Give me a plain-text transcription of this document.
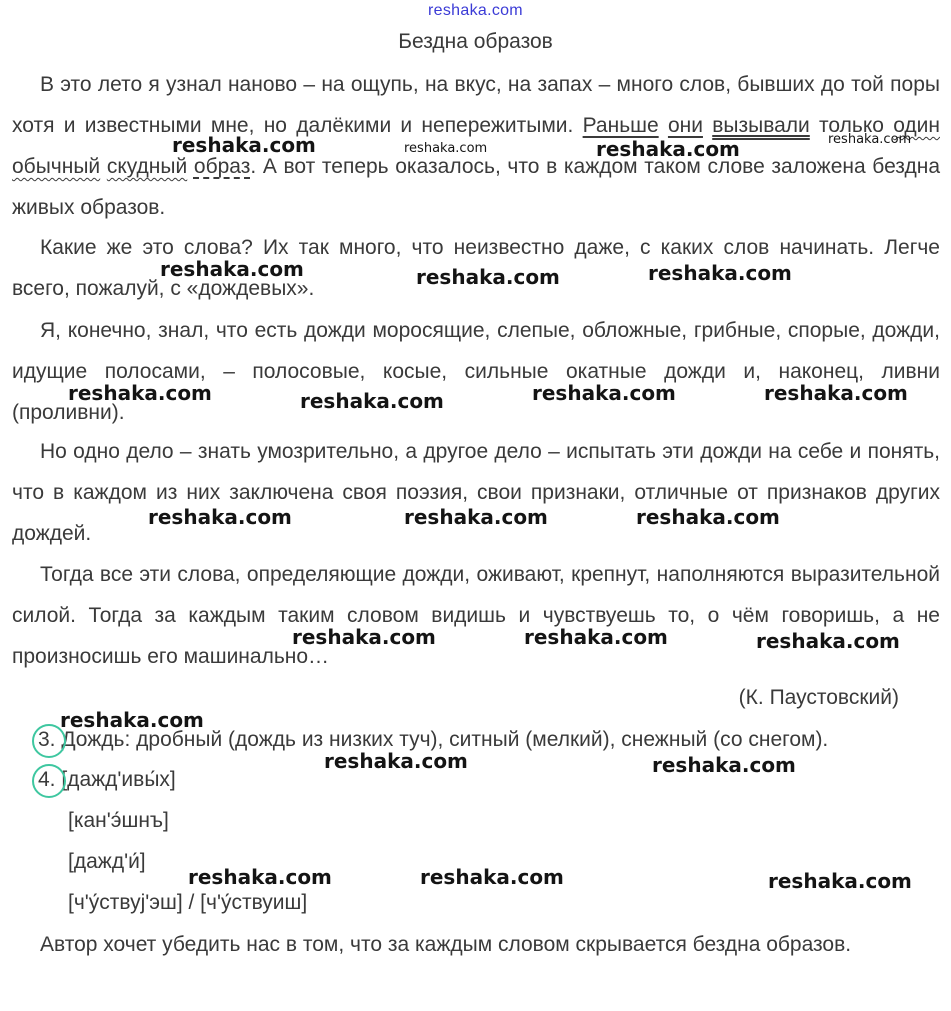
reshaka.com
Бездна образов

В это лето я узнал наново – на ощупь, на вкус, на запах – много слов, бывших до той поры хотя и известными мне, но далёкими и непережитыми. Раньше они вызывали только один обычный скудный образ. А вот теперь оказалось, что в каждом таком слове заложена бездна живых образов.

Какие же это слова? Их так много, что неизвестно даже, с каких слов начинать. Легче всего, пожалуй, с «дождевых».

Я, конечно, знал, что есть дожди моросящие, слепые, обложные, грибные, спорые, дожди, идущие полосами, – полосовые, косые, сильные окатные дожди и, наконец, ливни (проливни).

Но одно дело – знать умозрительно, а другое дело – испытать эти дожди на себе и понять, что в каждом из них заключена своя поэзия, свои признаки, отличные от признаков других дождей.

Тогда все эти слова, определяющие дожди, оживают, крепнут, наполняются выразительной силой. Тогда за каждым таким словом видишь и чувствуешь то, о чём говоришь, а не произносишь его машинально…

(К. Паустовский)
3. Дождь: дробный (дождь из низких туч), ситный (мелкий), снежный (со снегом).
4. [дажд'ивы́х]
[кан'э́шнъ]
[дажд'и́]
[ч'у́ствуj'эш] / [ч'у́ствуиш]

Автор хочет убедить нас в том, что за каждым словом скрывается бездна образов.

reshaka.com	reshaka.com	reshaka.com	reshaka.com
reshaka.com	reshaka.com	reshaka.com
reshaka.com	reshaka.com	reshaka.com	reshaka.com
reshaka.com	reshaka.com	reshaka.com
reshaka.com	reshaka.com	reshaka.com
reshaka.com
reshaka.com	reshaka.com
reshaka.com	reshaka.com	reshaka.com
